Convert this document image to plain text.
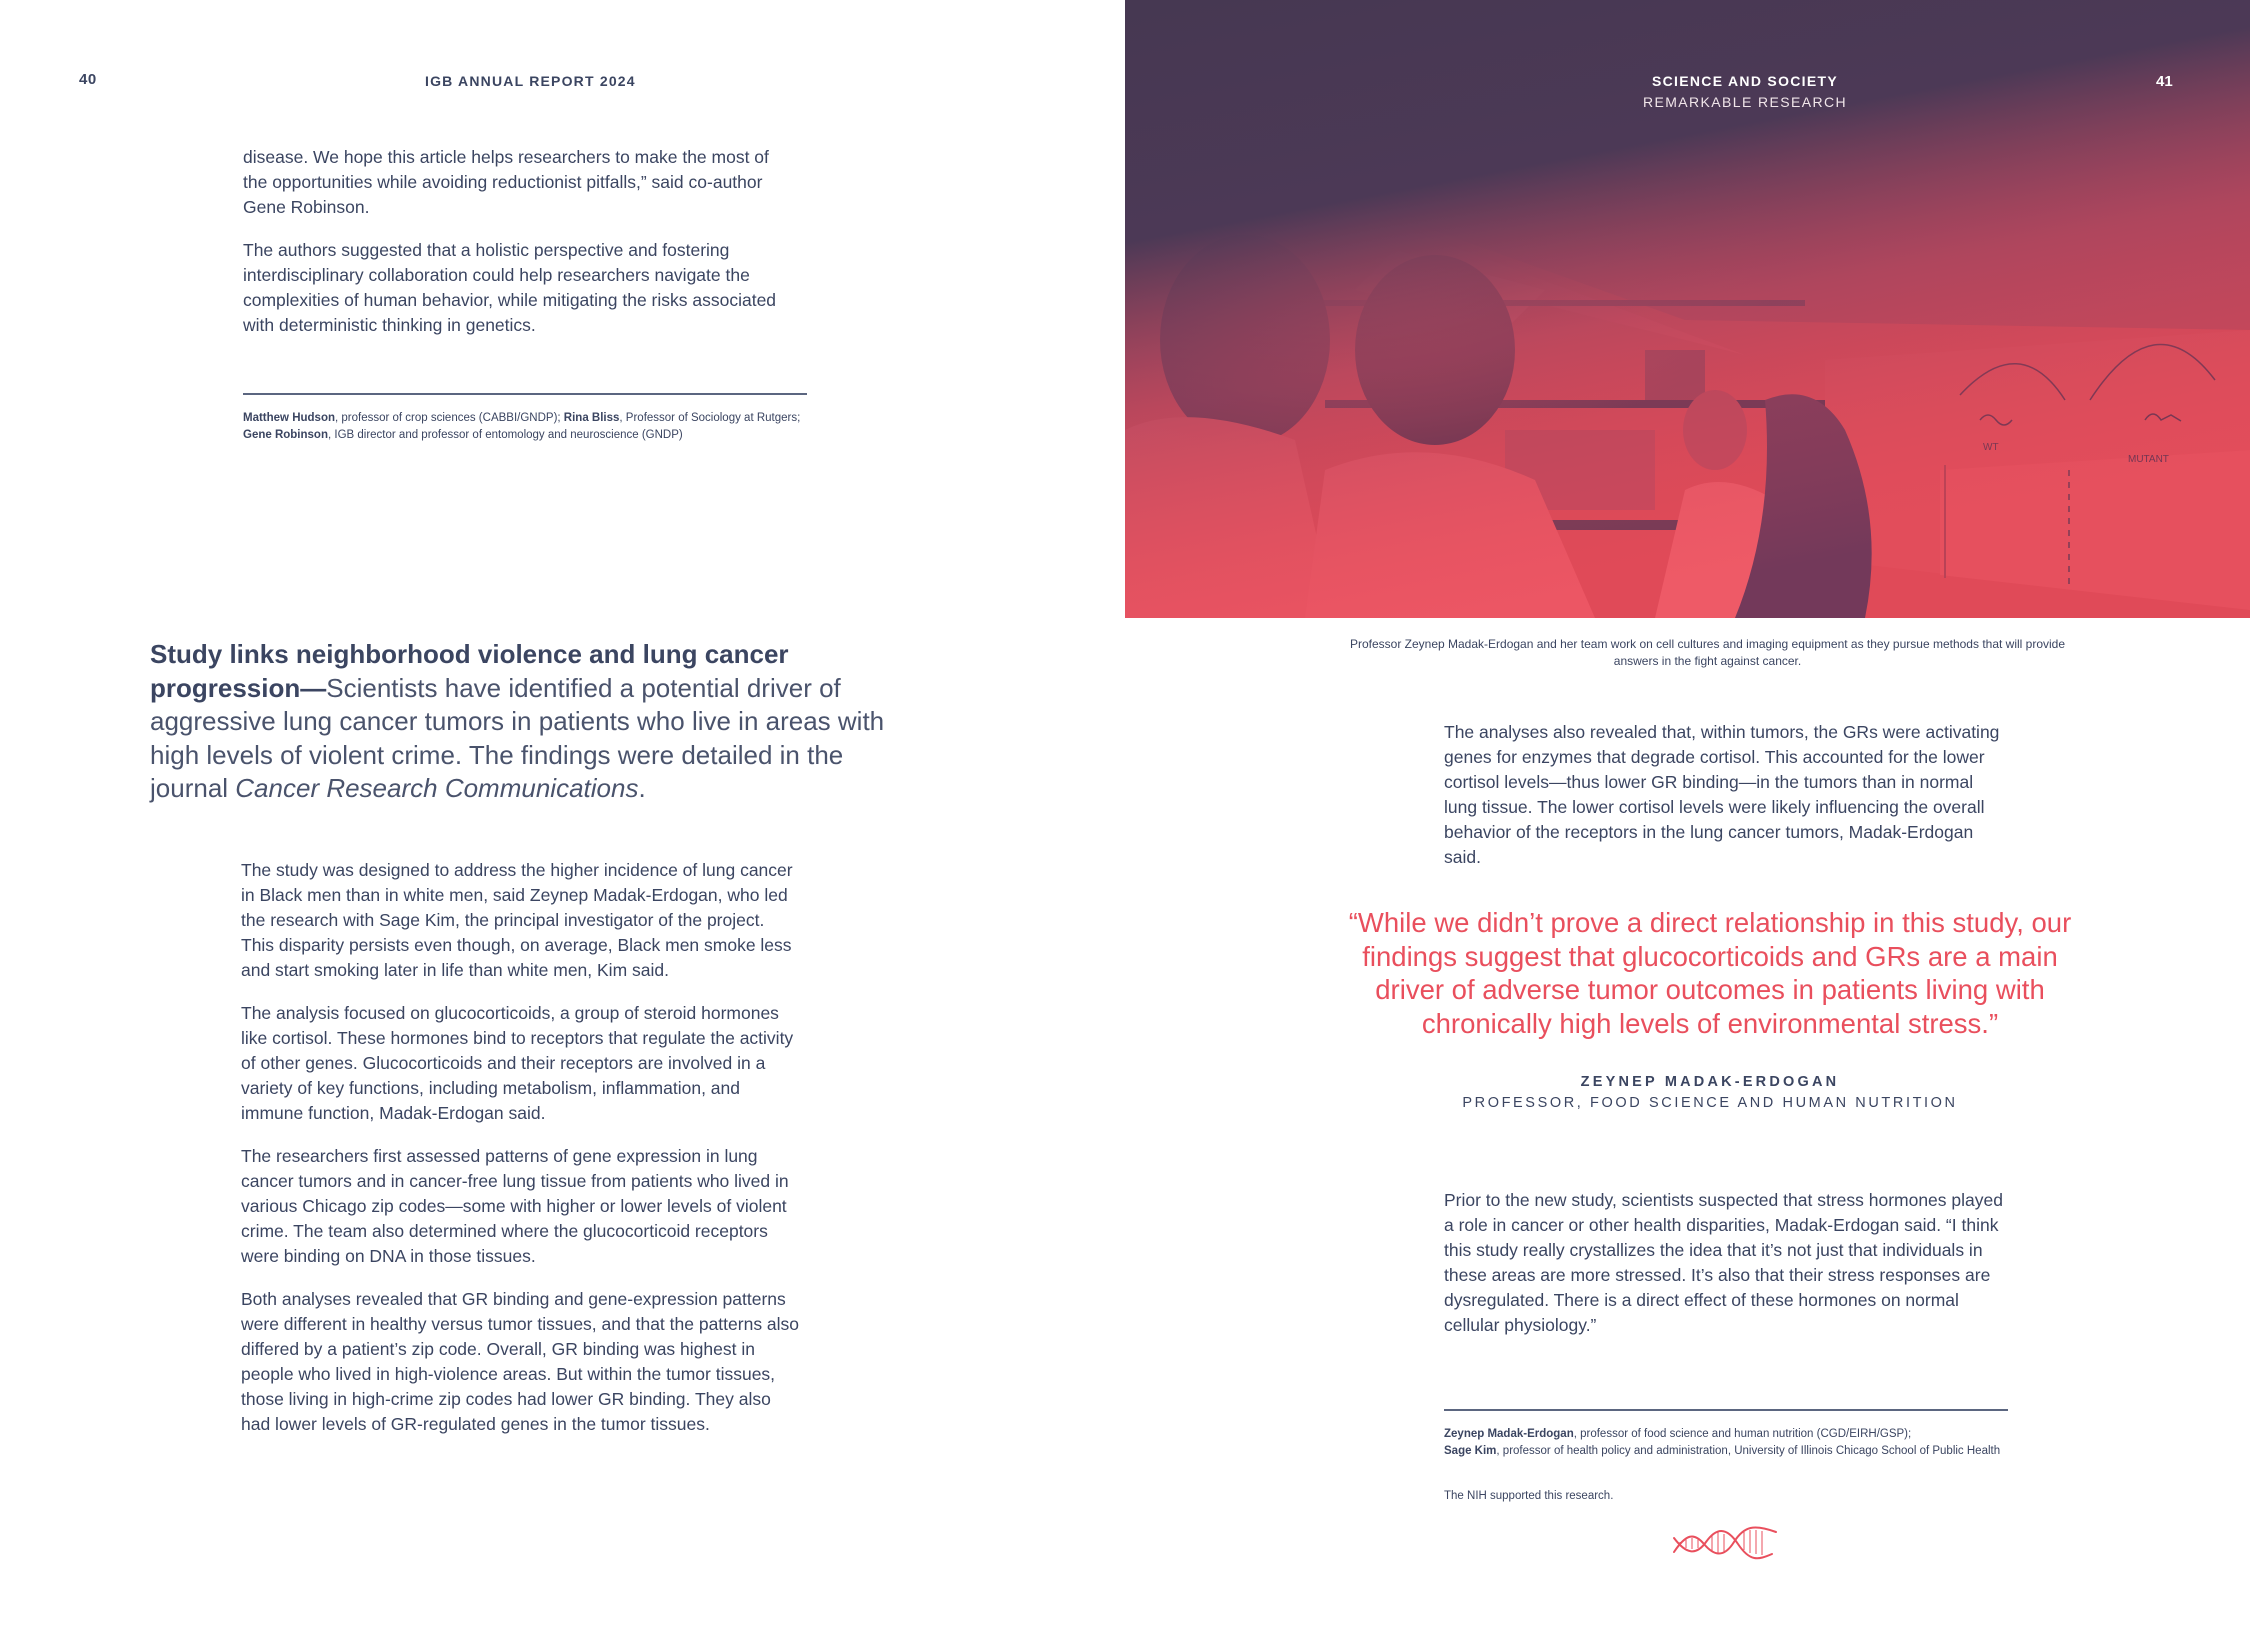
40	IGB ANNUAL REPORT 2024

disease. We hope this article helps researchers to make the most of the opportunities while avoiding reductionist pitfalls,” said co-author Gene Robinson.

The authors suggested that a holistic perspective and fostering interdisciplinary collaboration could help researchers navigate the complexities of human behavior, while mitigating the risks associated with deterministic thinking in genetics.

Matthew Hudson, professor of crop sciences (CABBI/GNDP); Rina Bliss, Professor of Sociology at Rutgers; Gene Robinson, IGB director and professor of entomology and neuroscience (GNDP)
Study links neighborhood violence and lung cancer progression—Scientists have identified a potential driver of aggressive lung cancer tumors in patients who live in areas with high levels of violent crime. The findings were detailed in the journal Cancer Research Communications.

The study was designed to address the higher incidence of lung cancer in Black men than in white men, said Zeynep Madak-Erdogan, who led the research with Sage Kim, the principal investigator of the project. This disparity persists even though, on average, Black men smoke less and start smoking later in life than white men, Kim said.

The analysis focused on glucocorticoids, a group of steroid hormones like cortisol. These hormones bind to receptors that regulate the activity of other genes. Glucocorticoids and their receptors are involved in a variety of key functions, including metabolism, inflammation, and immune function, Madak-Erdogan said.

The researchers first assessed patterns of gene expression in lung cancer tumors and in cancer-free lung tissue from patients who lived in various Chicago zip codes—some with higher or lower levels of violent crime. The team also determined where the glucocorticoid receptors were binding on DNA in those tissues.

Both analyses revealed that GR binding and gene-expression patterns were different in healthy versus tumor tissues, and that the patterns also differed by a patient’s zip code. Overall, GR binding was highest in people who lived in high-violence areas. But within the tumor tissues, those living in high-crime zip codes had lower GR binding. They also had lower levels of GR-regulated genes in the tumor tissues.

SCIENCE AND SOCIETY
REMARKABLE RESEARCH
41
Professor Zeynep Madak-Erdogan and her team work on cell cultures and imaging equipment as they pursue methods that will provide answers in the fight against cancer.

The analyses also revealed that, within tumors, the GRs were activating genes for enzymes that degrade cortisol. This accounted for the lower cortisol levels—thus lower GR binding—in the tumors than in normal lung tissue. The lower cortisol levels were likely influencing the overall behavior of the receptors in the lung cancer tumors, Madak-Erdogan said.

“While we didn’t prove a direct relationship in this study, our findings suggest that glucocorticoids and GRs are a main driver of adverse tumor outcomes in patients living with chronically high levels of environmental stress.”
ZEYNEP MADAK-ERDOGAN
PROFESSOR, FOOD SCIENCE AND HUMAN NUTRITION

Prior to the new study, scientists suspected that stress hormones played a role in cancer or other health disparities, Madak-Erdogan said. “I think this study really crystallizes the idea that it’s not just that individuals in these areas are more stressed. It’s also that their stress responses are dysregulated. There is a direct effect of these hormones on normal cellular physiology.”

Zeynep Madak-Erdogan, professor of food science and human nutrition (CGD/EIRH/GSP);
Sage Kim, professor of health policy and administration, University of Illinois Chicago School of Public Health
The NIH supported this research.
